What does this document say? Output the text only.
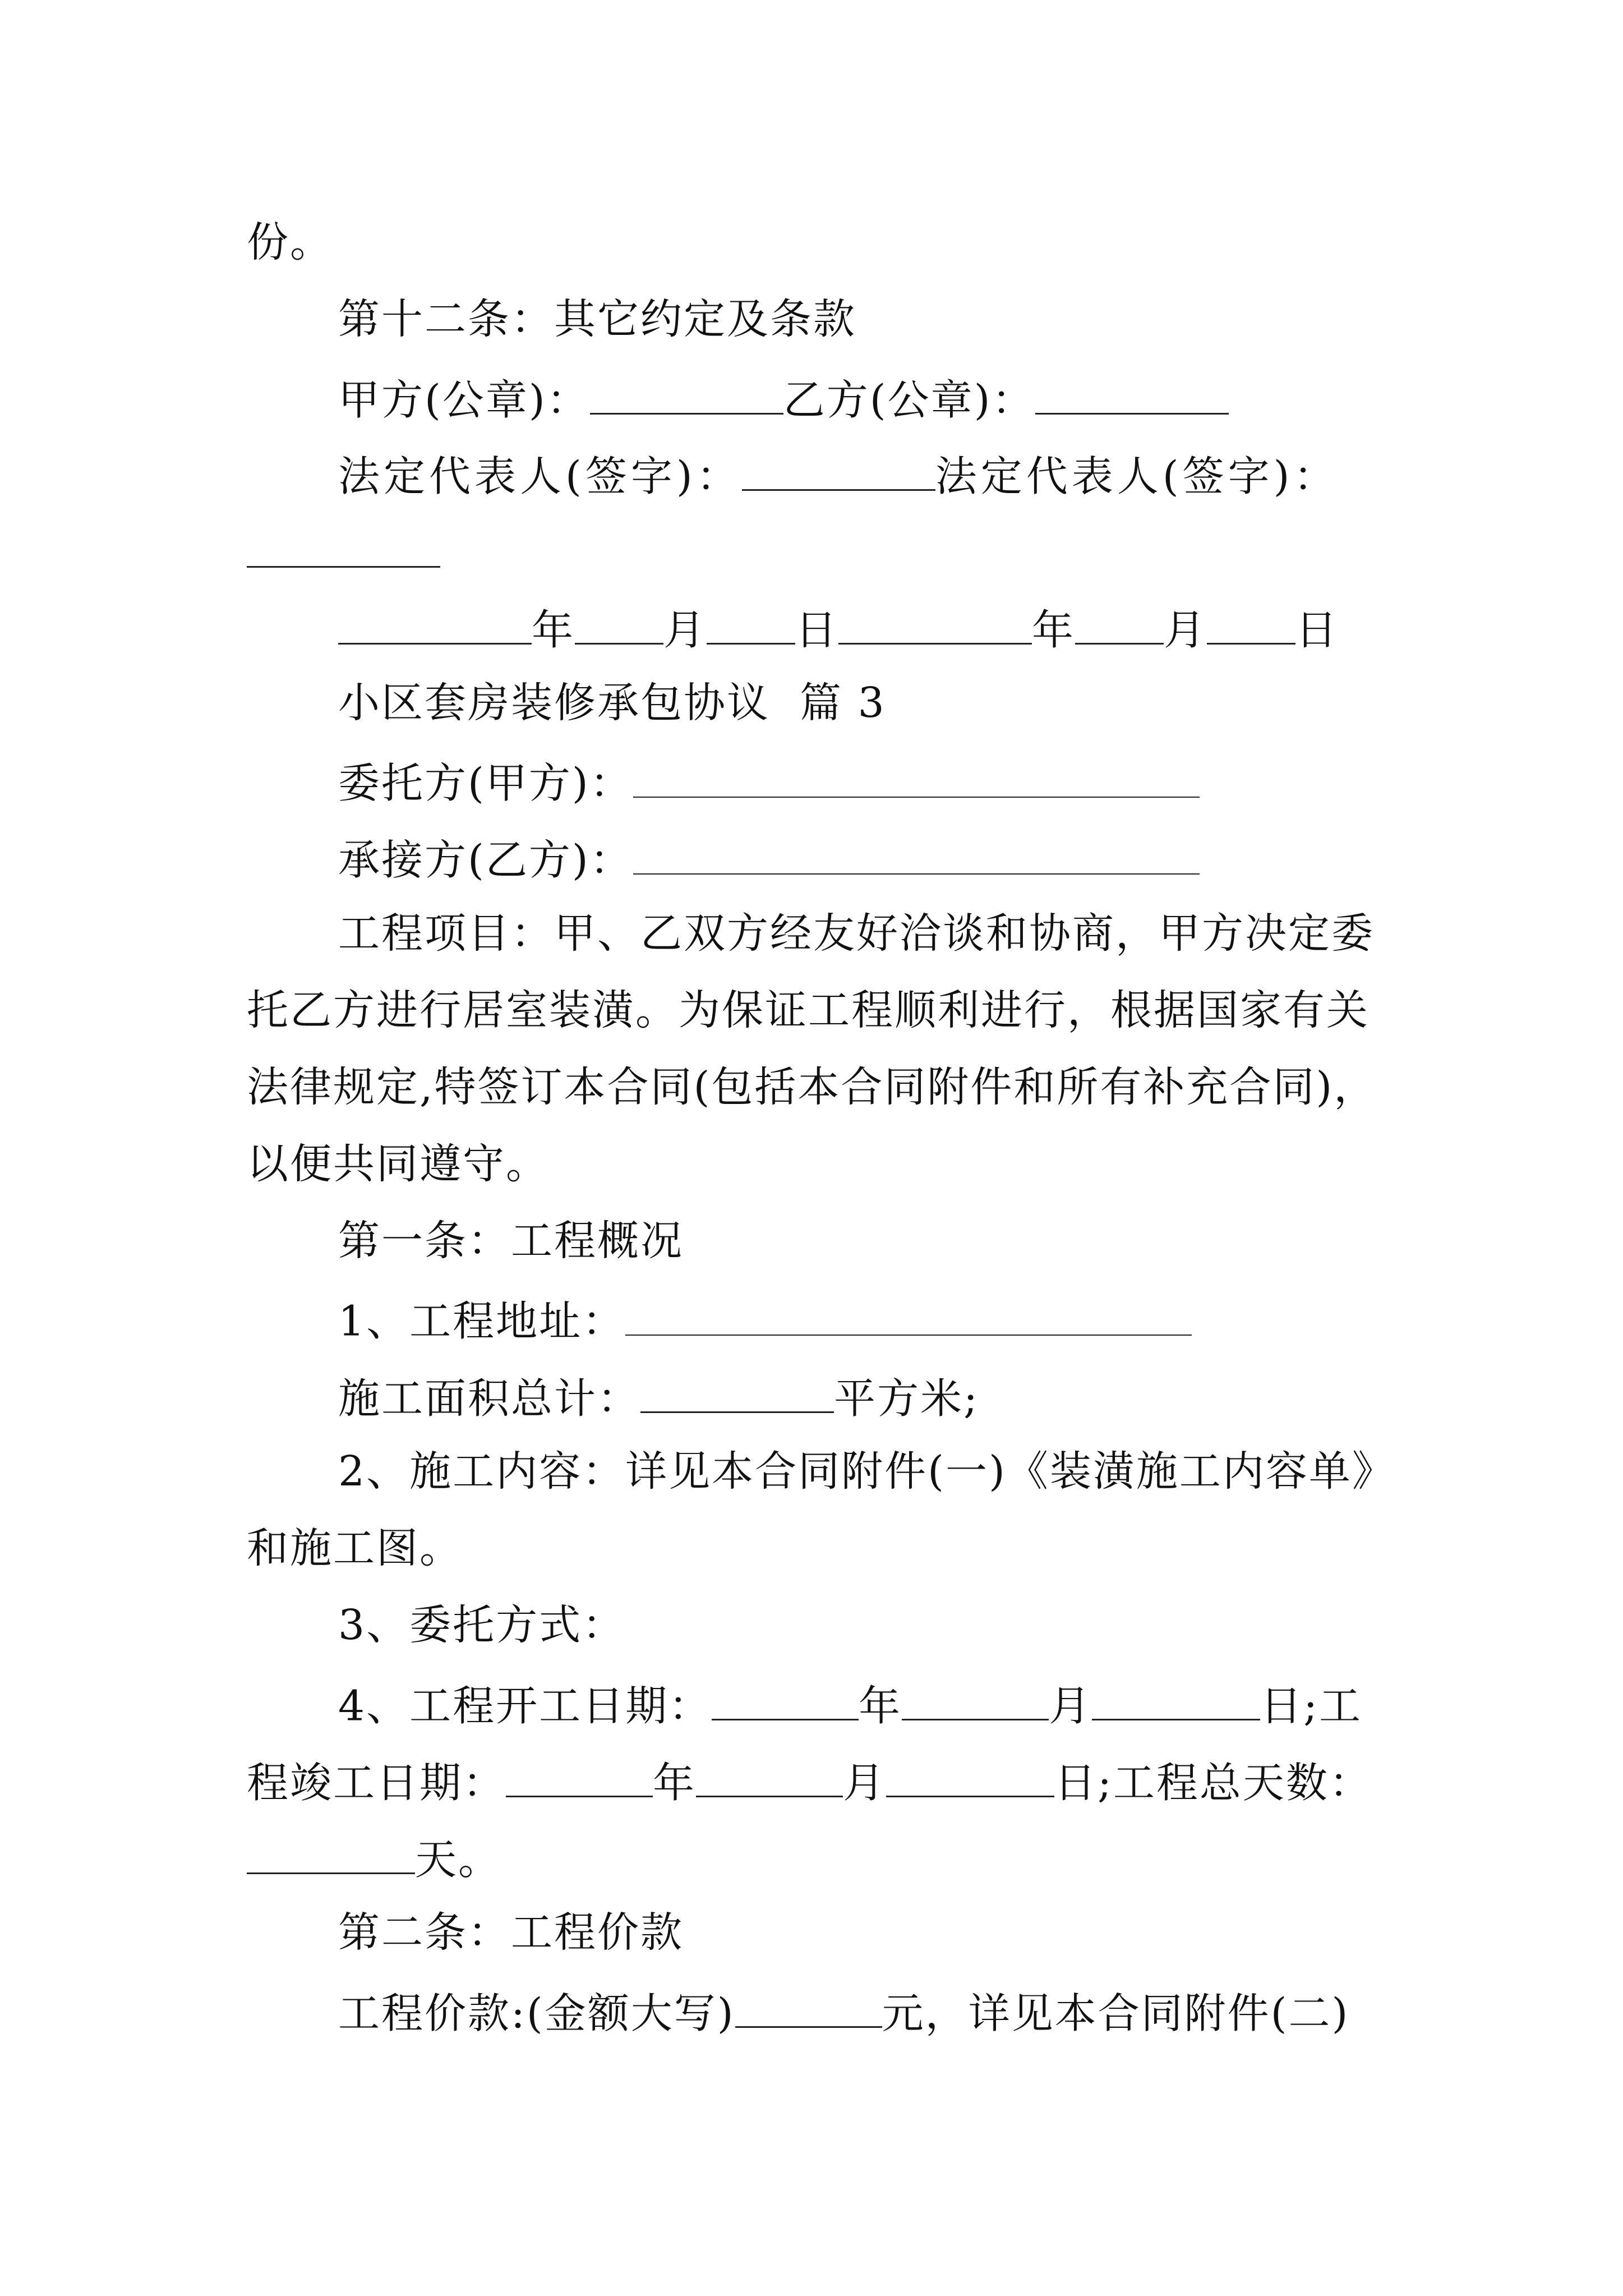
份。
第十二条：其它约定及条款
甲方(公章)：	乙方(公章)：
法定代表人(签字)：	法定代表人(签字)：
年 月 日	年 月 日
小区套房装修承包协议  篇 3
委托方(甲方)：
承接方(乙方)：
工程项目：甲、乙双方经友好洽谈和协商，甲方决定委
托乙方进行居室装潢。为保证工程顺利进行，根据国家有关
法律规定,特签订本合同(包括本合同附件和所有补充合同)，
以便共同遵守。
第一条：工程概况
1、工程地址：
施工面积总计：	平方米;
2、施工内容：详见本合同附件(一)《装潢施工内容单》
和施工图。
3、委托方式：
4、工程开工日期：	年	月	日;工
程竣工日期：	年	月	日;工程总天数：
天。
第二条：工程价款
工程价款:(金额大写)	元，详见本合同附件(二)
